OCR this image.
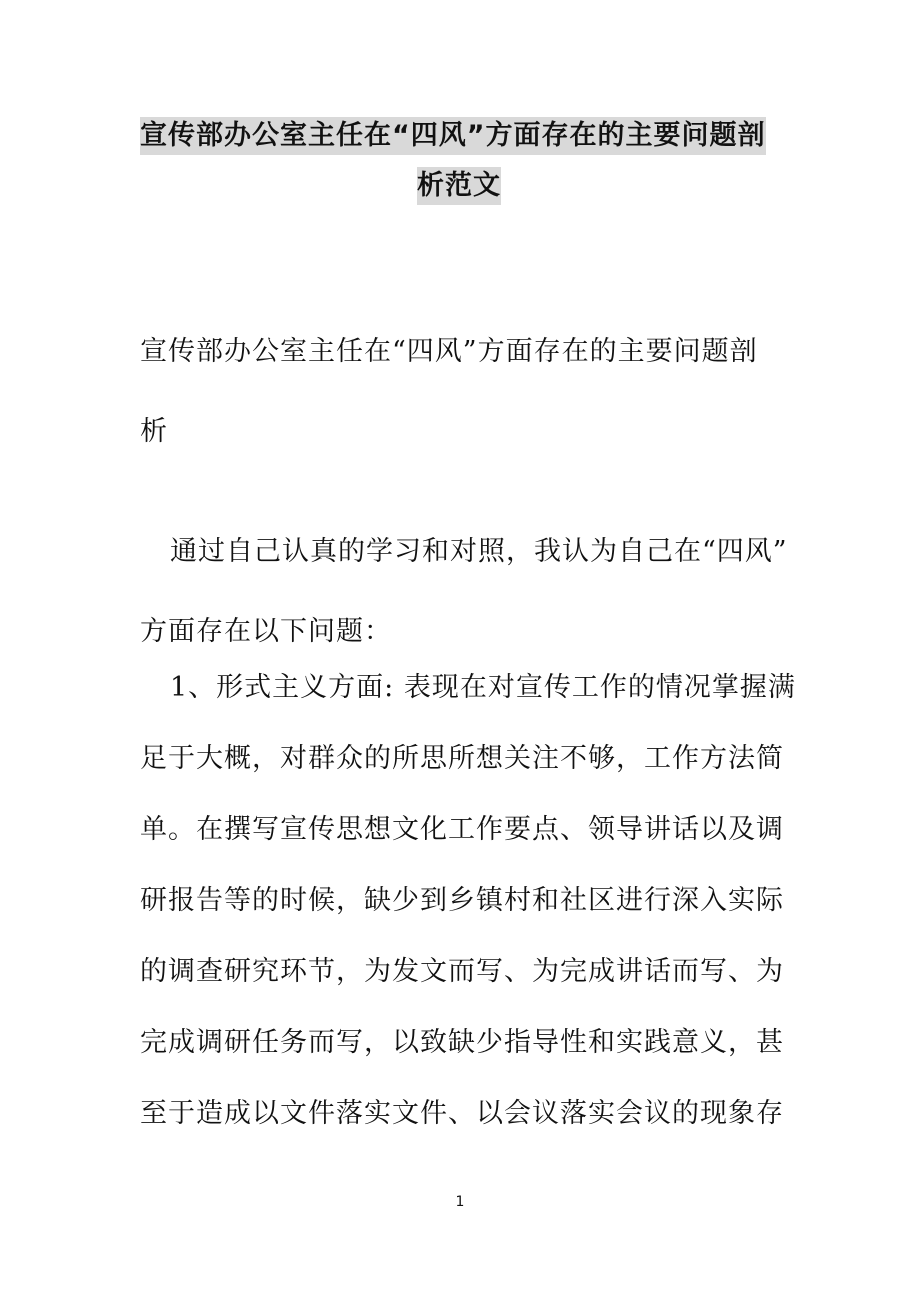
宣传部办公室主任在“四风”方面存在的主要问题剖
析范文
宣传部办公室主任在“四风”方面存在的主要问题剖
析
通过自己认真的学习和对照，我认为自己在“四风”
方面存在以下问题：
1、形式主义方面: 表现在对宣传工作的情况掌握满
足于大概，对群众的所思所想关注不够，工作方法简
单。在撰写宣传思想文化工作要点、领导讲话以及调
研报告等的时候，缺少到乡镇村和社区进行深入实际
的调查研究环节，为发文而写、为完成讲话而写、为
完成调研任务而写，以致缺少指导性和实践意义，甚
至于造成以文件落实文件、以会议落实会议的现象存
1
